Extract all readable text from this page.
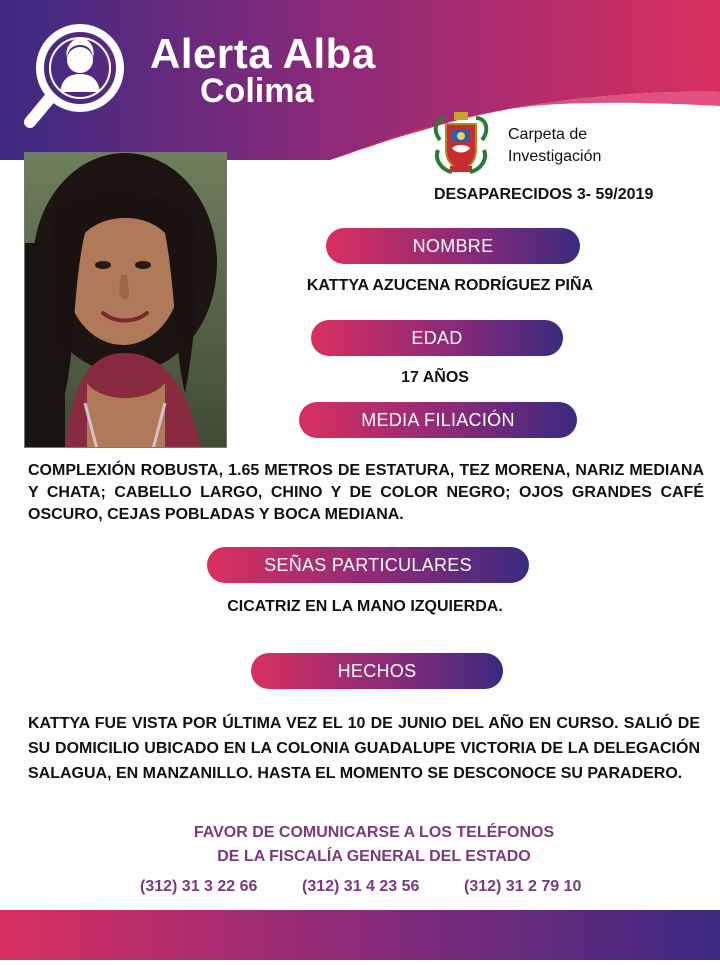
Alerta Alba
Colima
Carpeta de
Investigación
DESAPARECIDOS 3- 59/2019
NOMBRE
KATTYA AZUCENA RODRÍGUEZ PIÑA
EDAD
17 AÑOS
MEDIA FILIACIÓN
COMPLEXIÓN ROBUSTA, 1.65 METROS DE ESTATURA, TEZ MORENA, NARIZ MEDIANA Y CHATA; CABELLO LARGO, CHINO Y DE COLOR NEGRO; OJOS GRANDES CAFÉ OSCURO, CEJAS POBLADAS Y BOCA MEDIANA.
SEÑAS PARTICULARES
CICATRIZ EN LA MANO IZQUIERDA.
HECHOS
KATTYA FUE VISTA POR ÚLTIMA VEZ EL 10 DE JUNIO DEL AÑO EN CURSO. SALIÓ DE SU DOMICILIO UBICADO EN LA COLONIA GUADALUPE VICTORIA DE LA DELEGACIÓN SALAGUA, EN MANZANILLO. HASTA EL MOMENTO SE DESCONOCE SU PARADERO.
FAVOR DE COMUNICARSE A LOS TELÉFONOS
DE LA FISCALÍA GENERAL DEL ESTADO
(312) 31 3 22 66	(312) 31 4 23 56	(312) 31 2 79 10
